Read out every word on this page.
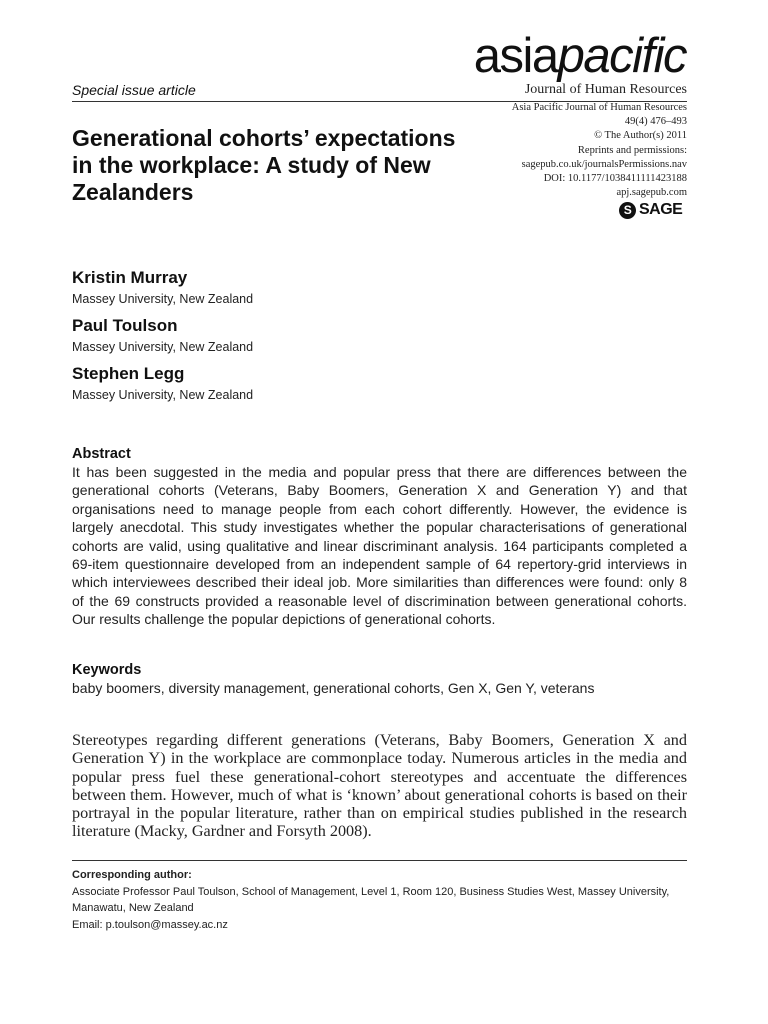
Special issue article
asiapacific
Journal of Human Resources
Asia Pacific Journal of Human Resources
49(4) 476–493
© The Author(s) 2011
Reprints and permissions:
sagepub.co.uk/journalsPermissions.nav
DOI: 10.1177/1038411111423188
apj.sagepub.com
S SAGE
Generational cohorts’ expectations in the workplace: A study of New Zealanders
Kristin Murray
Massey University, New Zealand
Paul Toulson
Massey University, New Zealand
Stephen Legg
Massey University, New Zealand
Abstract
It has been suggested in the media and popular press that there are differences between the generational cohorts (Veterans, Baby Boomers, Generation X and Generation Y) and that organisations need to manage people from each cohort differently. However, the evidence is largely anecdotal. This study investigates whether the popular characterisations of generational cohorts are valid, using qualitative and linear discriminant analysis. 164 participants completed a 69-item questionnaire developed from an independent sample of 64 repertory-grid interviews in which interviewees described their ideal job. More similarities than differences were found: only 8 of the 69 constructs provided a reasonable level of discrimination between generational cohorts. Our results challenge the popular depictions of generational cohorts.
Keywords
baby boomers, diversity management, generational cohorts, Gen X, Gen Y, veterans
Stereotypes regarding different generations (Veterans, Baby Boomers, Generation X and Generation Y) in the workplace are commonplace today. Numerous articles in the media and popular press fuel these generational-cohort stereotypes and accentuate the differences between them. However, much of what is ‘known’ about generational cohorts is based on their portrayal in the popular literature, rather than on empirical studies published in the research literature (Macky, Gardner and Forsyth 2008).
Corresponding author:
Associate Professor Paul Toulson, School of Management, Level 1, Room 120, Business Studies West, Massey University, Manawatu, New Zealand
Email: p.toulson@massey.ac.nz
